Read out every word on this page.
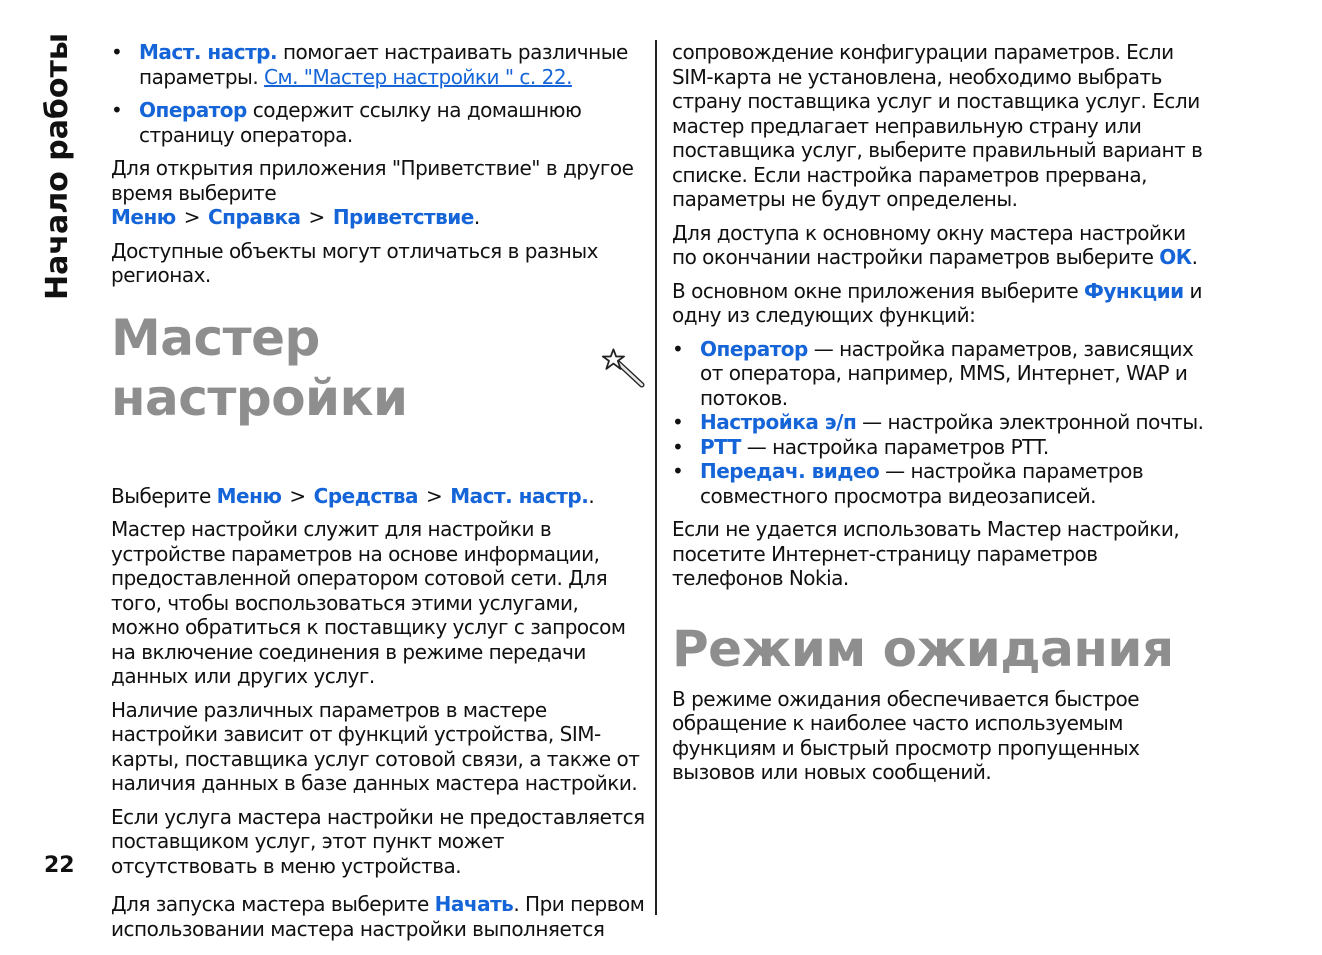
Начало работы
22
• Маст. настр. помогает настраивать различные параметры. См. "Мастер настройки " с. 22.
• Оператор содержит ссылку на домашнюю страницу оператора.

Для открытия приложения "Приветствие" в другое время выберите Меню > Справка > Приветствие.

Доступные объекты могут отличаться в разных регионах.

Мастер настройки

Выберите Меню > Средства > Маст. настр..

Мастер настройки служит для настройки в устройстве параметров на основе информации, предоставленной оператором сотовой сети. Для того, чтобы воспользоваться этими услугами, можно обратиться к поставщику услуг с запросом на включение соединения в режиме передачи данных или других услуг.

Наличие различных параметров в мастере настройки зависит от функций устройства, SIM-карты, поставщика услуг сотовой связи, а также от наличия данных в базе данных мастера настройки.

Если услуга мастера настройки не предоставляется поставщиком услуг, этот пункт может отсутствовать в меню устройства.

Для запуска мастера выберите Начать. При первом использовании мастера настройки выполняется

сопровождение конфигурации параметров. Если SIM-карта не установлена, необходимо выбрать страну поставщика услуг и поставщика услуг. Если мастер предлагает неправильную страну или поставщика услуг, выберите правильный вариант в списке. Если настройка параметров прервана, параметры не будут определены.

Для доступа к основному окну мастера настройки по окончании настройки параметров выберите ОК.

В основном окне приложения выберите Функции и одну из следующих функций:

• Оператор — настройка параметров, зависящих от оператора, например, MMS, Интернет, WAP и потоков.
• Настройка э/п — настройка электронной почты.
• PTT — настройка параметров PTT.
• Передач. видео — настройка параметров совместного просмотра видеозаписей.

Если не удается использовать Мастер настройки, посетите Интернет-страницу параметров телефонов Nokia.

Режим ожидания

В режиме ожидания обеспечивается быстрое обращение к наиболее часто используемым функциям и быстрый просмотр пропущенных вызовов или новых сообщений.
